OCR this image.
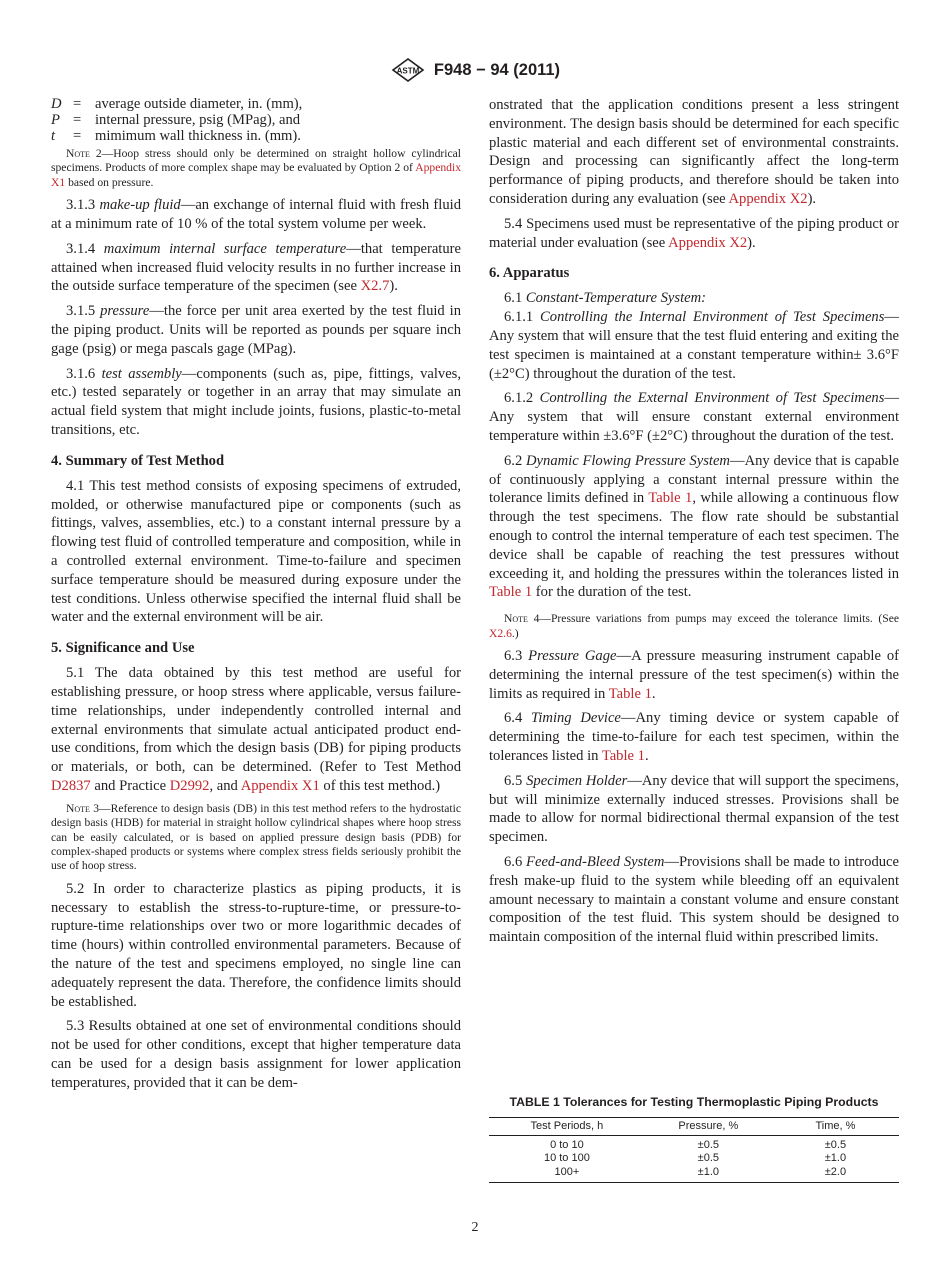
ASTM F948 − 94 (2011)
D = average outside diameter, in. (mm),
P = internal pressure, psig (MPag), and
t	= mimimum wall thickness in. (mm).

Note 2—Hoop stress should only be determined on straight hollow cylindrical specimens. Products of more complex shape may be evaluated by Option 2 of Appendix X1 based on pressure.

3.1.3 make-up fluid—an exchange of internal fluid with fresh fluid at a minimum rate of 10 % of the total system volume per week.

3.1.4 maximum internal surface temperature—that temperature attained when increased fluid velocity results in no further increase in the outside surface temperature of the specimen (see X2.7).

3.1.5 pressure—the force per unit area exerted by the test fluid in the piping product. Units will be reported as pounds per square inch gage (psig) or mega pascals gage (MPag).

3.1.6 test assembly—components (such as, pipe, fittings, valves, etc.) tested separately or together in an array that may simulate an actual field system that might include joints, fusions, plastic-to-metal transitions, etc.

4. Summary of Test Method

4.1 This test method consists of exposing specimens of extruded, molded, or otherwise manufactured pipe or components (such as fittings, valves, assemblies, etc.) to a constant internal pressure by a flowing test fluid of controlled temperature and composition, while in a controlled external environment. Time-to-failure and specimen surface temperature should be measured during exposure under the test conditions. Unless otherwise specified the internal fluid shall be water and the external environment will be air.

5. Significance and Use

5.1 The data obtained by this test method are useful for establishing pressure, or hoop stress where applicable, versus failure-time relationships, under independently controlled internal and external environments that simulate actual anticipated product end-use conditions, from which the design basis (DB) for piping products or materials, or both, can be determined. (Refer to Test Method D2837 and Practice D2992, and Appendix X1 of this test method.)

Note 3—Reference to design basis (DB) in this test method refers to the hydrostatic design basis (HDB) for material in straight hollow cylindrical shapes where hoop stress can be easily calculated, or is based on applied pressure design basis (PDB) for complex-shaped products or systems where complex stress fields seriously prohibit the use of hoop stress.

5.2 In order to characterize plastics as piping products, it is necessary to establish the stress-to-rupture-time, or pressure-to-rupture-time relationships over two or more logarithmic decades of time (hours) within controlled environmental parameters. Because of the nature of the test and specimens employed, no single line can adequately represent the data. Therefore, the confidence limits should be established.

5.3 Results obtained at one set of environmental conditions should not be used for other conditions, except that higher temperature data can be used for a design basis assignment for lower application temperatures, provided that it can be dem-

onstrated that the application conditions present a less stringent environment. The design basis should be determined for each specific plastic material and each different set of environmental constraints. Design and processing can significantly affect the long-term performance of piping products, and therefore should be taken into consideration during any evaluation (see Appendix X2).

5.4 Specimens used must be representative of the piping product or material under evaluation (see Appendix X2).

6. Apparatus

6.1 Constant-Temperature System:

6.1.1 Controlling the Internal Environment of Test Specimens—Any system that will ensure that the test fluid entering and exiting the test specimen is maintained at a constant temperature within± 3.6°F (±2°C) throughout the duration of the test.

6.1.2 Controlling the External Environment of Test Specimens—Any system that will ensure constant external environment temperature within ±3.6°F (±2°C) throughout the duration of the test.

6.2 Dynamic Flowing Pressure System—Any device that is capable of continuously applying a constant internal pressure within the tolerance limits defined in Table 1, while allowing a continuous flow through the test specimens. The flow rate should be substantial enough to control the internal temperature of each test specimen. The device shall be capable of reaching the test pressures without exceeding it, and holding the pressures within the tolerances listed in Table 1 for the duration of the test.

Note 4—Pressure variations from pumps may exceed the tolerance limits. (See X2.6.)

6.3 Pressure Gage—A pressure measuring instrument capable of determining the internal pressure of the test specimen(s) within the limits as required in Table 1.

6.4 Timing Device—Any timing device or system capable of determining the time-to-failure for each test specimen, within the tolerances listed in Table 1.

6.5 Specimen Holder—Any device that will support the specimens, but will minimize externally induced stresses. Provisions shall be made to allow for normal bidirectional thermal expansion of the test specimen.

6.6 Feed-and-Bleed System—Provisions shall be made to introduce fresh make-up fluid to the system while bleeding off an equivalent amount necessary to maintain a constant volume and ensure constant composition of the test fluid. This system should be designed to maintain composition of the internal fluid within prescribed limits.

TABLE 1 Tolerances for Testing Thermoplastic Piping Products
Test Periods, h	Pressure, %	Time, %
0 to 10	±0.5	±0.5
10 to 100	±0.5	±1.0
100+	±1.0	±2.0
2
